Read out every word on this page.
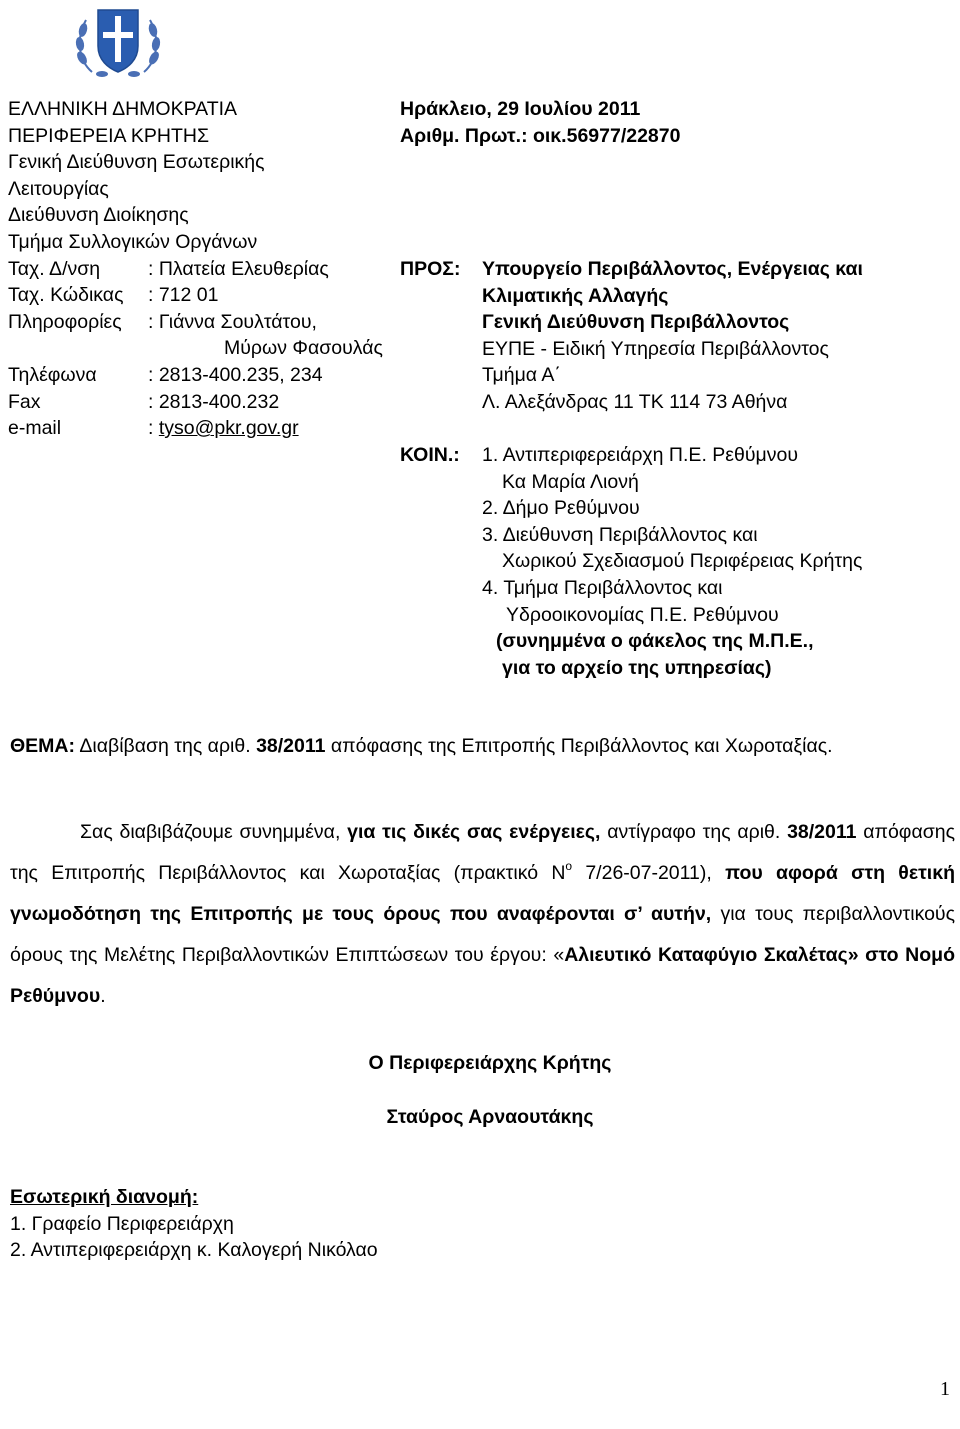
ΕΛΛΗΝΙΚΗ ΔΗΜΟΚΡΑΤΙΑ
ΠΕΡΙΦΕΡΕΙΑ ΚΡΗΤΗΣ
Γενική Διεύθυνση Εσωτερικής
Λειτουργίας
Διεύθυνση Διοίκησης
Τμήμα Συλλογικών Οργάνων
Ταχ. Δ/νση : Πλατεία Ελευθερίας
Ταχ. Κώδικας : 712 01
Πληροφορίες : Γιάννα Σουλτάτου,
Μύρων Φασουλάς
Τηλέφωνα	: 2813-400.235, 234
Fax	: 2813-400.232
e-mail	: tyso@pkr.gov.gr
Ηράκλειο, 29 Ιουλίου 2011
Αριθμ. Πρωτ.: οικ.56977/22870
ΠΡΟΣ: Υπουργείο Περιβάλλοντος, Ενέργειας και
Κλιματικής Αλλαγής
Γενική Διεύθυνση Περιβάλλοντος
ΕΥΠΕ - Ειδική Υπηρεσία Περιβάλλοντος
Τμήμα Α΄
Λ. Αλεξάνδρας 11 ΤΚ 114 73 Αθήνα
ΚΟΙΝ.: 1. Αντιπεριφερειάρχη Π.Ε. Ρεθύμνου
Κα Μαρία Λιονή
2. Δήμο Ρεθύμνου
3. Διεύθυνση Περιβάλλοντος και
Χωρικού Σχεδιασμού Περιφέρειας Κρήτης
4. Τμήμα Περιβάλλοντος και
Υδροοικονομίας Π.Ε. Ρεθύμνου
(συνημμένα ο φάκελος της Μ.Π.Ε.,
για το αρχείο της υπηρεσίας)
ΘΕΜΑ: Διαβίβαση της αριθ. 38/2011 απόφασης της Επιτροπής Περιβάλλοντος και Χωροταξίας.
Σας διαβιβάζουμε συνημμένα, για τις δικές σας ενέργειες, αντίγραφο της αριθ. 38/2011 απόφασης της Επιτροπής Περιβάλλοντος και Χωροταξίας (πρακτικό $N^o$ 7/26-07-2011), που αφορά στη θετική γνωμοδότηση της Επιτροπής με τους όρους που αναφέρονται σ’ αυτήν, για τους περιβαλλοντικούς όρους της Μελέτης Περιβαλλοντικών Επιπτώσεων του έργου: «Αλιευτικό Καταφύγιο Σκαλέτας» στο Νομό Ρεθύμνου.
Ο Περιφερειάρχης Κρήτης
Σταύρος Αρναουτάκης
Εσωτερική διανομή:
1. Γραφείο Περιφερειάρχη
2. Αντιπεριφερειάρχη κ. Καλογερή Νικόλαο
1
